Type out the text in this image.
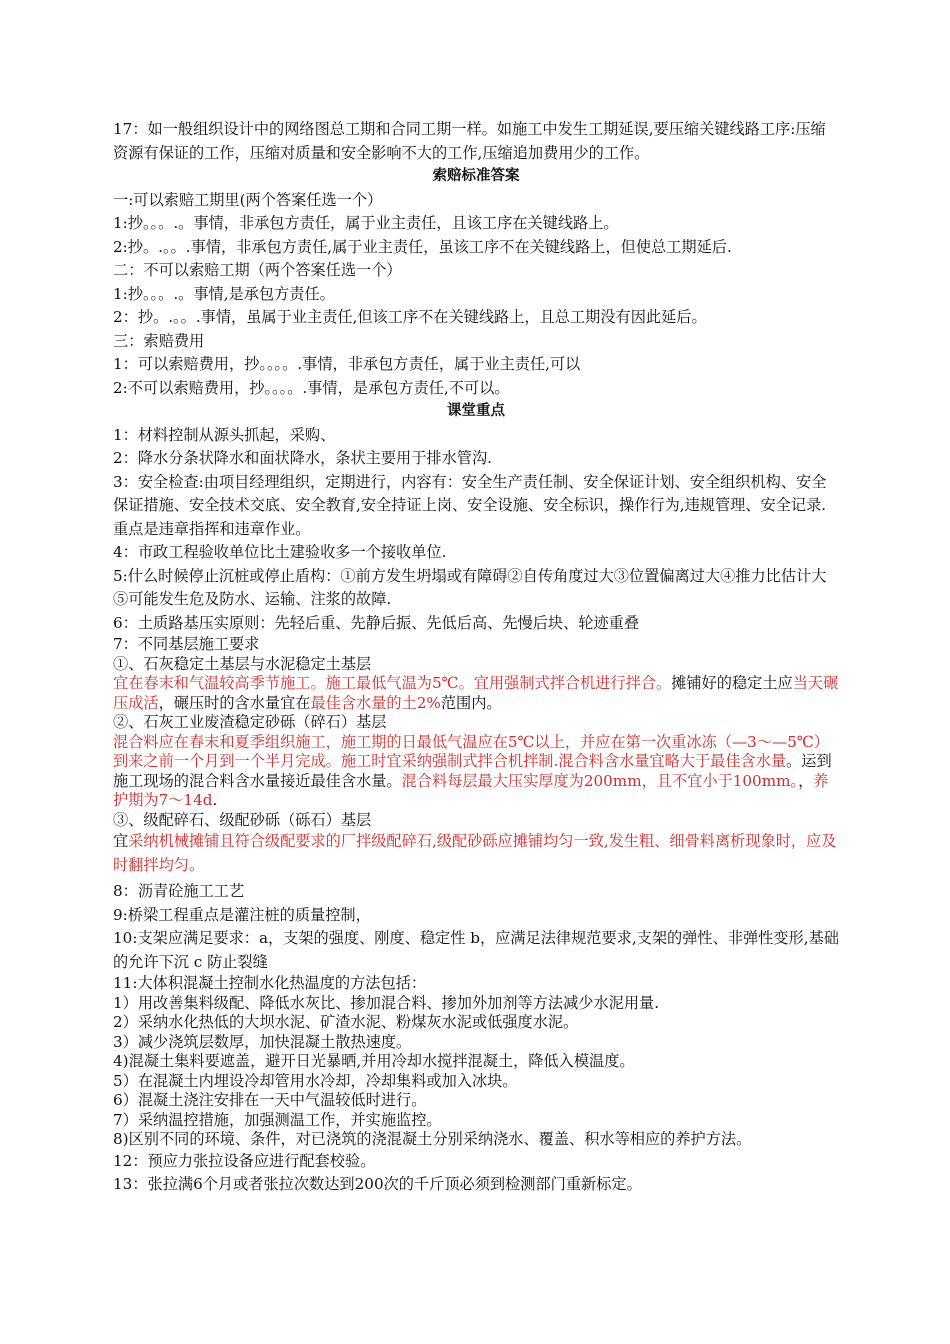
17：如一般组织设计中的网络图总工期和合同工期一样。如施工中发生工期延误,要压缩关键线路工序:压缩资源有保证的工作，压缩对质量和安全影响不大的工作,压缩追加费用少的工作。

索赔标准答案

一:可以索赔工期里(两个答案任选一个）

1:抄。。。.。事情，非承包方责任，属于业主责任，且该工序在关键线路上。

2:抄。.。。.事情，非承包方责任,属于业主责任，虽该工序不在关键线路上，但使总工期延后.

二：不可以索赔工期（两个答案任选一个）

1:抄。。。.。事情,是承包方责任。

2：抄。.。。.事情，虽属于业主责任,但该工序不在关键线路上，且总工期没有因此延后。

三：索赔费用

1：可以索赔费用，抄。。。。.事情，非承包方责任，属于业主责任,可以

2:不可以索赔费用，抄。。。。.事情，是承包方责任,不可以。

课堂重点

1：材料控制从源头抓起，采购、

2：降水分条状降水和面状降水，条状主要用于排水管沟.

3：安全检查:由项目经理组织，定期进行，内容有：安全生产责任制、安全保证计划、安全组织机构、安全保证措施、安全技术交底、安全教育,安全持证上岗、安全设施、安全标识，操作行为,违规管理、安全记录.重点是违章指挥和违章作业。

4：市政工程验收单位比土建验收多一个接收单位.

5:什么时候停止沉桩或停止盾构：①前方发生坍塌或有障碍②自传角度过大③位置偏离过大④推力比估计大⑤可能发生危及防水、运输、注浆的故障.

6：土质路基压实原则：先轻后重、先静后振、先低后高、先慢后块、轮迹重叠

7：不同基层施工要求

①、石灰稳定土基层与水泥稳定土基层

宜在春末和气温较高季节施工。施工最低气温为5℃。宜用强制式拌合机进行拌合。摊铺好的稳定土应当天碾压成活，碾压时的含水量宜在最佳含水量的土2%范围内。

②、石灰工业废渣稳定砂砾（碎石）基层

混合料应在春末和夏季组织施工，施工期的日最低气温应在5℃以上，并应在第一次重冰冻（—3～—5℃）到来之前一个月到一个半月完成。施工时宜采纳强制式拌合机拌制.混合料含水量宜略大于最佳含水量。运到施工现场的混合料含水量接近最佳含水量。混合料每层最大压实厚度为200mm，且不宜小于100mm。，养护期为7～14d.

③、级配碎石、级配砂砾（砾石）基层

宜采纳机械摊铺且符合级配要求的厂拌级配碎石,级配砂砾应摊铺均匀一致,发生粗、细骨料离析现象时，应及时翻拌均匀。

8：沥青砼施工工艺

9:桥梁工程重点是灌注桩的质量控制，

10:支架应满足要求：a，支架的强度、刚度、稳定性 b，应满足法律规范要求,支架的弹性、非弹性变形,基础的允许下沉 c 防止裂缝

11:大体积混凝土控制水化热温度的方法包括：

1）用改善集料级配、降低水灰比、掺加混合料、掺加外加剂等方法减少水泥用量.

2）采纳水化热低的大坝水泥、矿渣水泥、粉煤灰水泥或低强度水泥。

3）减少浇筑层数厚，加快混凝土散热速度。

4)混凝土集料要遮盖，避开日光暴晒,并用冷却水搅拌混凝土，降低入模温度。

5）在混凝土内埋设冷却管用水冷却，冷却集料或加入冰块。

6）混凝土浇注安排在一天中气温较低时进行。

7）采纳温控措施，加强测温工作，并实施监控。

8)区别不同的环境、条件，对已浇筑的浇混凝土分别采纳浇水、覆盖、积水等相应的养护方法。

12：预应力张拉设备应进行配套校验。

13：张拉满6个月或者张拉次数达到200次的千斤顶必须到检测部门重新标定。
